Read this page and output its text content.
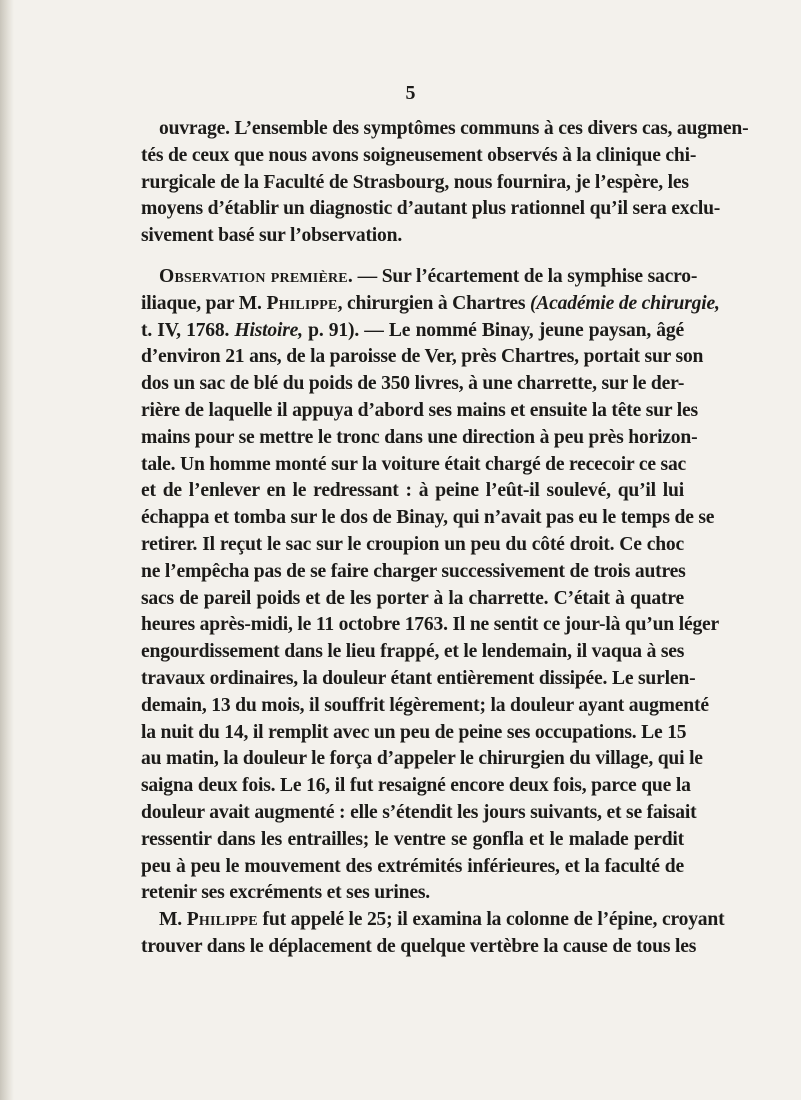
5

ouvrage. L’ensemble des symptômes communs à ces divers cas, augmen-
tés de ceux que nous avons soigneusement observés à la clinique chi-
rurgicale de la Faculté de Strasbourg, nous fournira, je l’espère, les
moyens d’établir un diagnostic d’autant plus rationnel qu’il sera exclu-
sivement basé sur l’observation.

Observation première. — Sur l’écartement de la symphise sacro-
iliaque, par M. Philippe, chirurgien à Chartres (Académie de chirurgie,
t. IV, 1768. Histoire, p. 91). — Le nommé Binay, jeune paysan, âgé
d’environ 21 ans, de la paroisse de Ver, près Chartres, portait sur son
dos un sac de blé du poids de 350 livres, à une charrette, sur le der-
rière de laquelle il appuya d’abord ses mains et ensuite la tête sur les
mains pour se mettre le tronc dans une direction à peu près horizon-
tale. Un homme monté sur la voiture était chargé de rececoir ce sac
et de l’enlever en le redressant : à peine l’eût-il soulevé, qu’il lui
échappa et tomba sur le dos de Binay, qui n’avait pas eu le temps de se
retirer. Il reçut le sac sur le croupion un peu du côté droit. Ce choc
ne l’empêcha pas de se faire charger successivement de trois autres
sacs de pareil poids et de les porter à la charrette. C’était à quatre
heures après-midi, le 11 octobre 1763. Il ne sentit ce jour-là qu’un léger
engourdissement dans le lieu frappé, et le lendemain, il vaqua à ses
travaux ordinaires, la douleur étant entièrement dissipée. Le surlen-
demain, 13 du mois, il souffrit légèrement; la douleur ayant augmenté
la nuit du 14, il remplit avec un peu de peine ses occupations. Le 15
au matin, la douleur le força d’appeler le chirurgien du village, qui le
saigna deux fois. Le 16, il fut resaigné encore deux fois, parce que la
douleur avait augmenté : elle s’étendit les jours suivants, et se faisait
ressentir dans les entrailles; le ventre se gonfla et le malade perdit
peu à peu le mouvement des extrémités inférieures, et la faculté de
retenir ses excréments et ses urines.

M. Philippe fut appelé le 25; il examina la colonne de l’épine, croyant
trouver dans le déplacement de quelque vertèbre la cause de tous les
